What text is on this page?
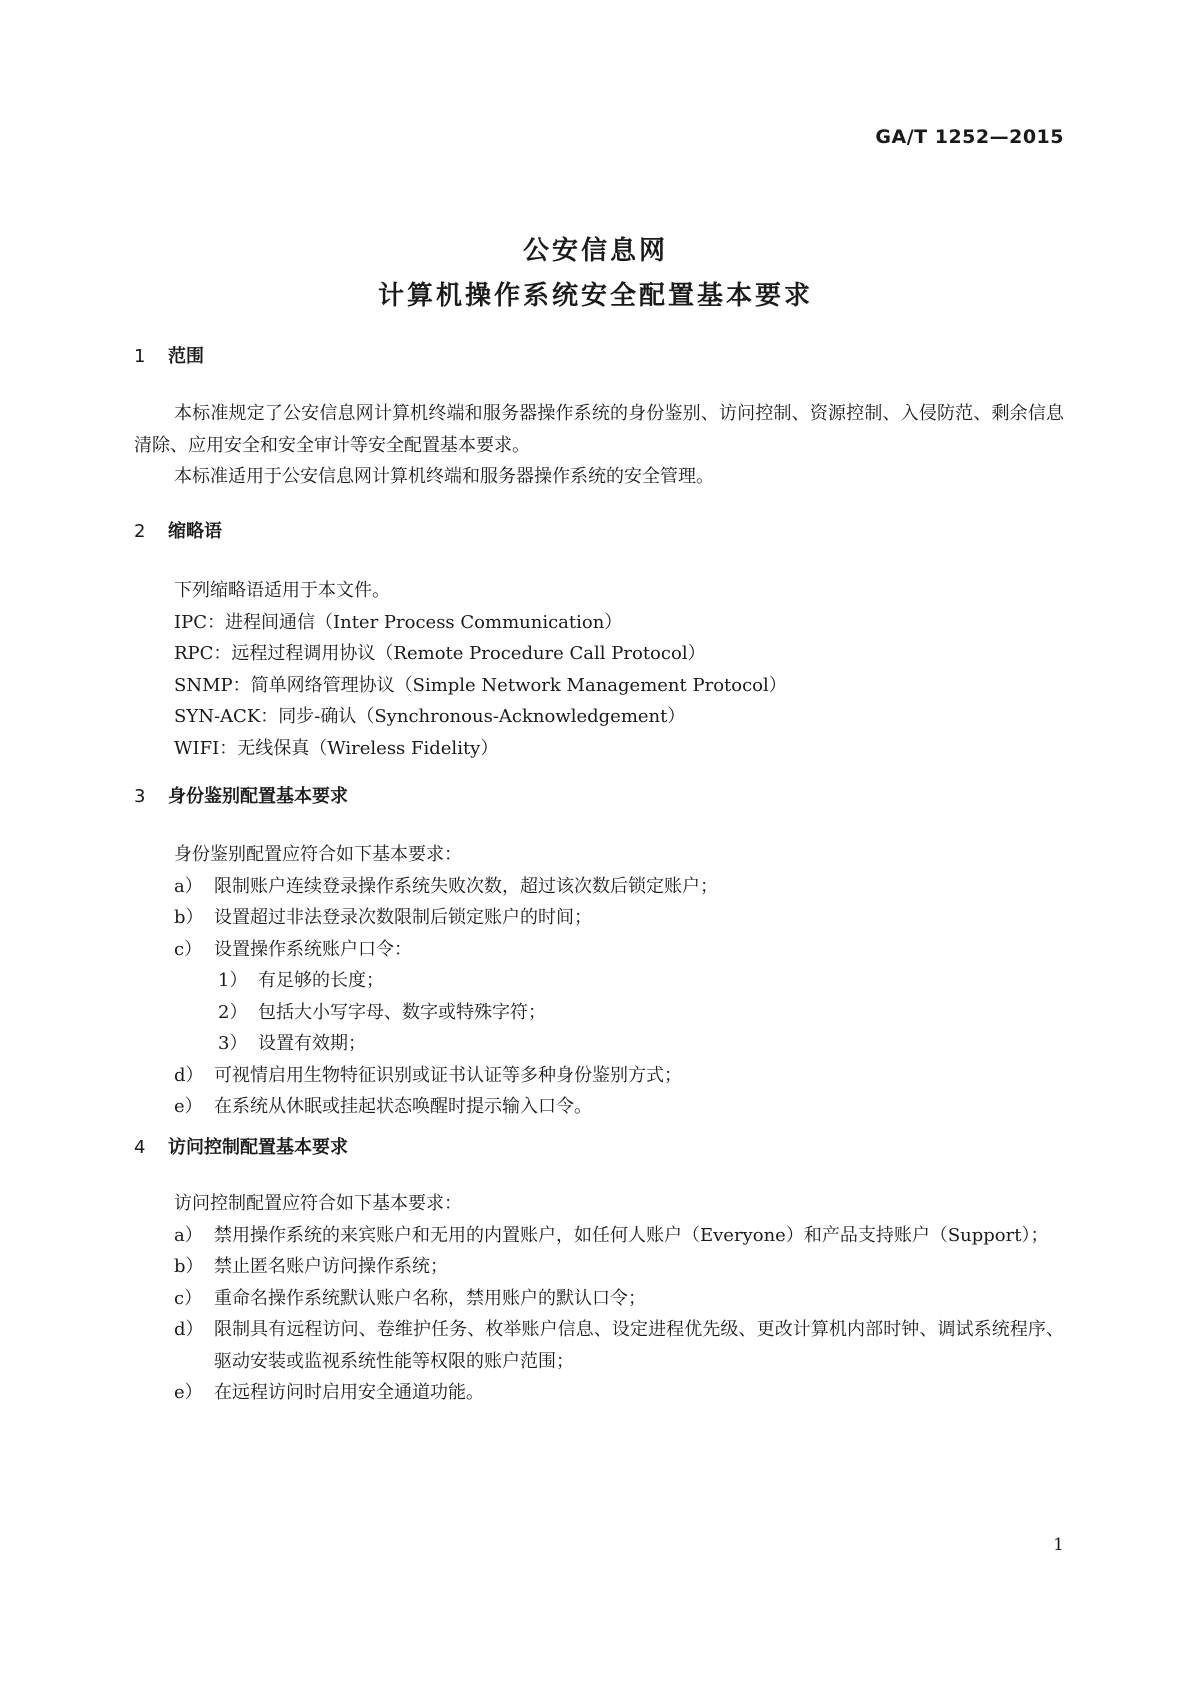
GA/T 1252—2015
公安信息网
计算机操作系统安全配置基本要求
1 范围
本标准规定了公安信息网计算机终端和服务器操作系统的身份鉴别、访问控制、资源控制、入侵防范、剩余信息清除、应用安全和安全审计等安全配置基本要求。
本标准适用于公安信息网计算机终端和服务器操作系统的安全管理。
2 缩略语
下列缩略语适用于本文件。
IPC：进程间通信（Inter Process Communication）
RPC：远程过程调用协议（Remote Procedure Call Protocol）
SNMP：简单网络管理协议（Simple Network Management Protocol）
SYN-ACK：同步-确认（Synchronous-Acknowledgement）
WIFI：无线保真（Wireless Fidelity）
3 身份鉴别配置基本要求
身份鉴别配置应符合如下基本要求：
a） 限制账户连续登录操作系统失败次数，超过该次数后锁定账户；
b） 设置超过非法登录次数限制后锁定账户的时间；
c） 设置操作系统账户口令：
1） 有足够的长度；
2） 包括大小写字母、数字或特殊字符；
3） 设置有效期；
d） 可视情启用生物特征识别或证书认证等多种身份鉴别方式；
e） 在系统从休眠或挂起状态唤醒时提示输入口令。
4 访问控制配置基本要求
访问控制配置应符合如下基本要求：
a） 禁用操作系统的来宾账户和无用的内置账户，如任何人账户（Everyone）和产品支持账户（Support）；
b） 禁止匿名账户访问操作系统；
c） 重命名操作系统默认账户名称，禁用账户的默认口令；
d） 限制具有远程访问、卷维护任务、枚举账户信息、设定进程优先级、更改计算机内部时钟、调试系统程序、驱动安装或监视系统性能等权限的账户范围；
e） 在远程访问时启用安全通道功能。
1
